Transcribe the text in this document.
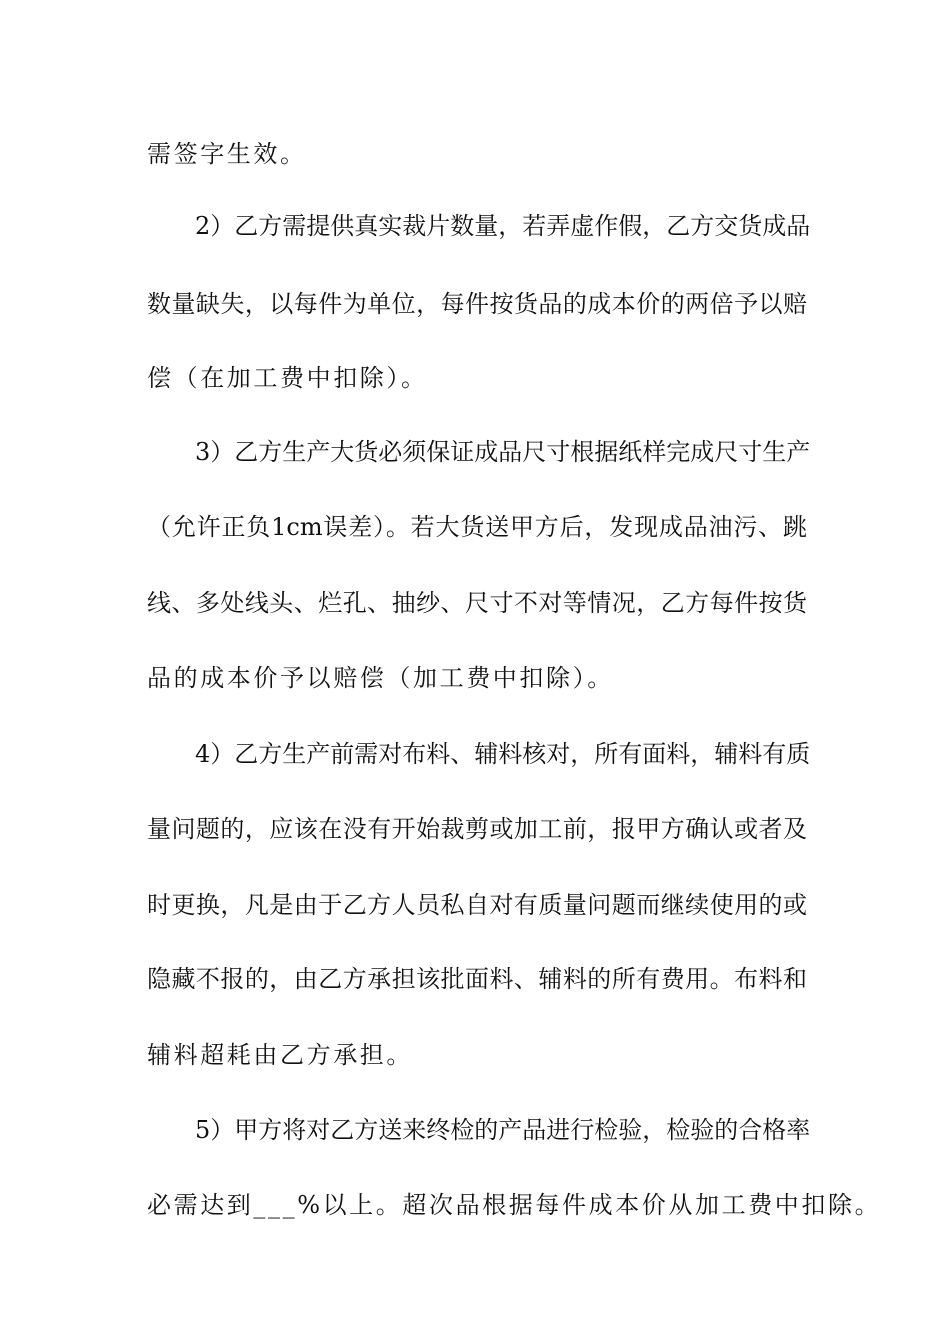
需签字生效。
2）乙方需提供真实裁片数量，若弄虚作假，乙方交货成品
数量缺失，以每件为单位，每件按货品的成本价的两倍予以赔
偿（在加工费中扣除）。
3）乙方生产大货必须保证成品尺寸根据纸样完成尺寸生产
（允许正负1cm误差）。若大货送甲方后，发现成品油污、跳
线、多处线头、烂孔、抽纱、尺寸不对等情况，乙方每件按货
品的成本价予以赔偿（加工费中扣除）。
4）乙方生产前需对布料、辅料核对，所有面料，辅料有质
量问题的，应该在没有开始裁剪或加工前，报甲方确认或者及
时更换，凡是由于乙方人员私自对有质量问题而继续使用的或
隐藏不报的，由乙方承担该批面料、辅料的所有费用。布料和
辅料超耗由乙方承担。
5）甲方将对乙方送来终检的产品进行检验，检验的合格率
必需达到___%以上。超次品根据每件成本价从加工费中扣除。
